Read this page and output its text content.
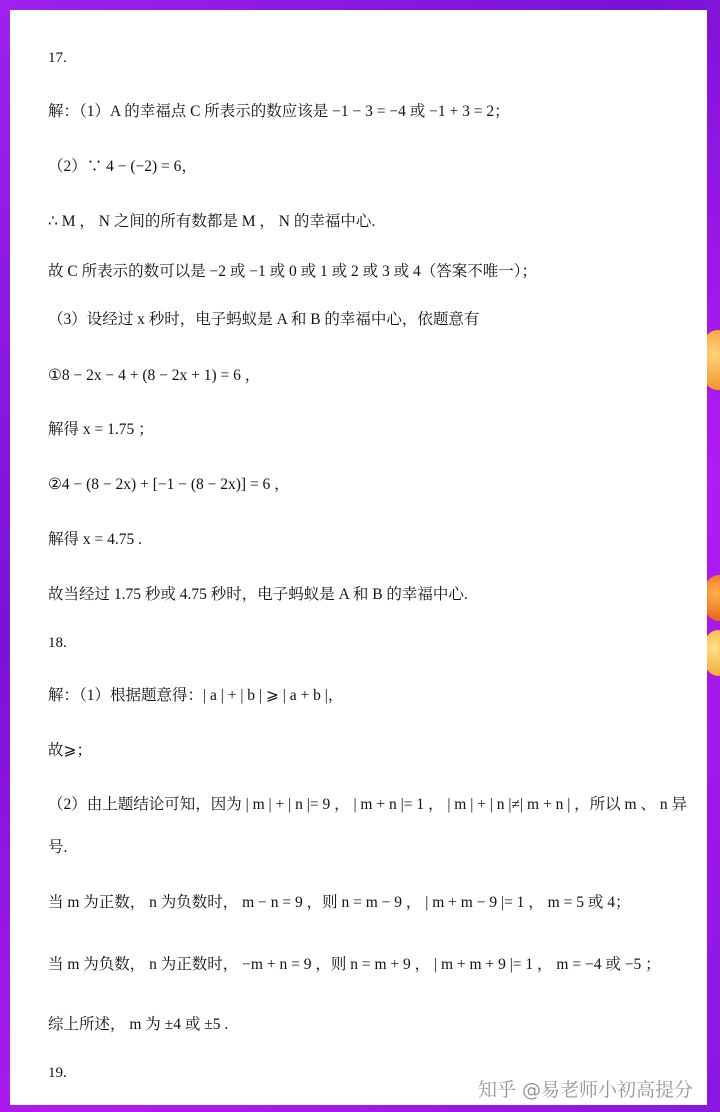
17.

解：（1）A 的幸福点 C 所表示的数应该是 −1 − 3 = −4 或 −1 + 3 = 2；

（2）∵ 4 − (−2) = 6，

∴ M ， N 之间的所有数都是 M ， N 的幸福中心.

故 C 所表示的数可以是 −2 或 −1 或 0 或 1 或 2 或 3 或 4（答案不唯一）；

（3）设经过 x 秒时，电子蚂蚁是 A 和 B 的幸福中心，依题意有

①8 − 2x − 4 + (8 − 2x + 1) = 6 ，

解得 x = 1.75 ；

②4 − (8 − 2x) + [−1 − (8 − 2x)] = 6 ，

解得 x = 4.75 .

故当经过 1.75 秒或 4.75 秒时，电子蚂蚁是 A 和 B 的幸福中心.

18.

解：（1）根据题意得：| a | + | b | ⩾ | a + b |，

故⩾；

（2）由上题结论可知，因为 | m | + | n |= 9 ， | m + n |= 1 ， | m | + | n |≠| m + n | ，所以 m 、 n 异

号.

当 m 为正数， n 为负数时， m − n = 9 ，则 n = m − 9 ， | m + m − 9 |= 1 ， m = 5 或 4；

当 m 为负数， n 为正数时， −m + n = 9 ，则 n = m + 9 ， | m + m + 9 |= 1 ， m = −4 或 −5 ；

综上所述， m 为 ±4 或 ±5 .

19.

知乎 @易老师小初高提分
